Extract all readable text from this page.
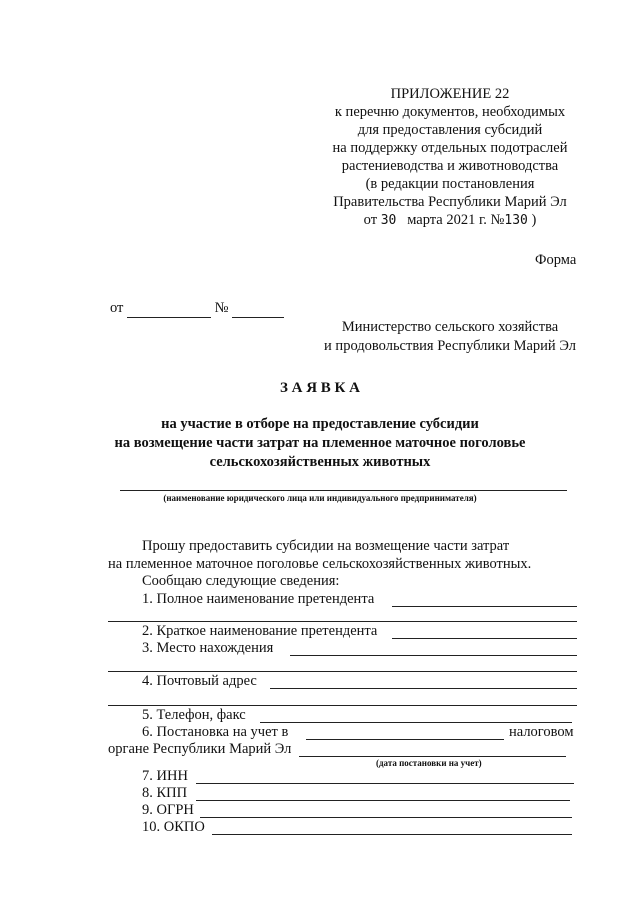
ПРИЛОЖЕНИЕ 22
к перечню документов, необходимых
для предоставления субсидий
на поддержку отдельных подотраслей
растениеводства и животноводства
(в редакции постановления
Правительства Республики Марий Эл
от 30 марта 2021 г. №130 )
Форма
от	№
Министерство сельского хозяйства
и продовольствия Республики Марий Эл
З А Я В К А
на участие в отборе на предоставление субсидии
на возмещение части затрат на племенное маточное поголовье
сельскохозяйственных животных
(наименование юридического лица или индивидуального предпринимателя)
Прошу предоставить субсидии на возмещение части затрат
на племенное маточное поголовье сельскохозяйственных животных.
Сообщаю следующие сведения:
1. Полное наименование претендента
2. Краткое наименование претендента
3. Место нахождения
4. Почтовый адрес
5. Телефон, факс
6. Постановка на учет в	налоговом
органе Республики Марий Эл
(дата постановки на учет)
7. ИНН
8. КПП
9. ОГРН
10. ОКПО
